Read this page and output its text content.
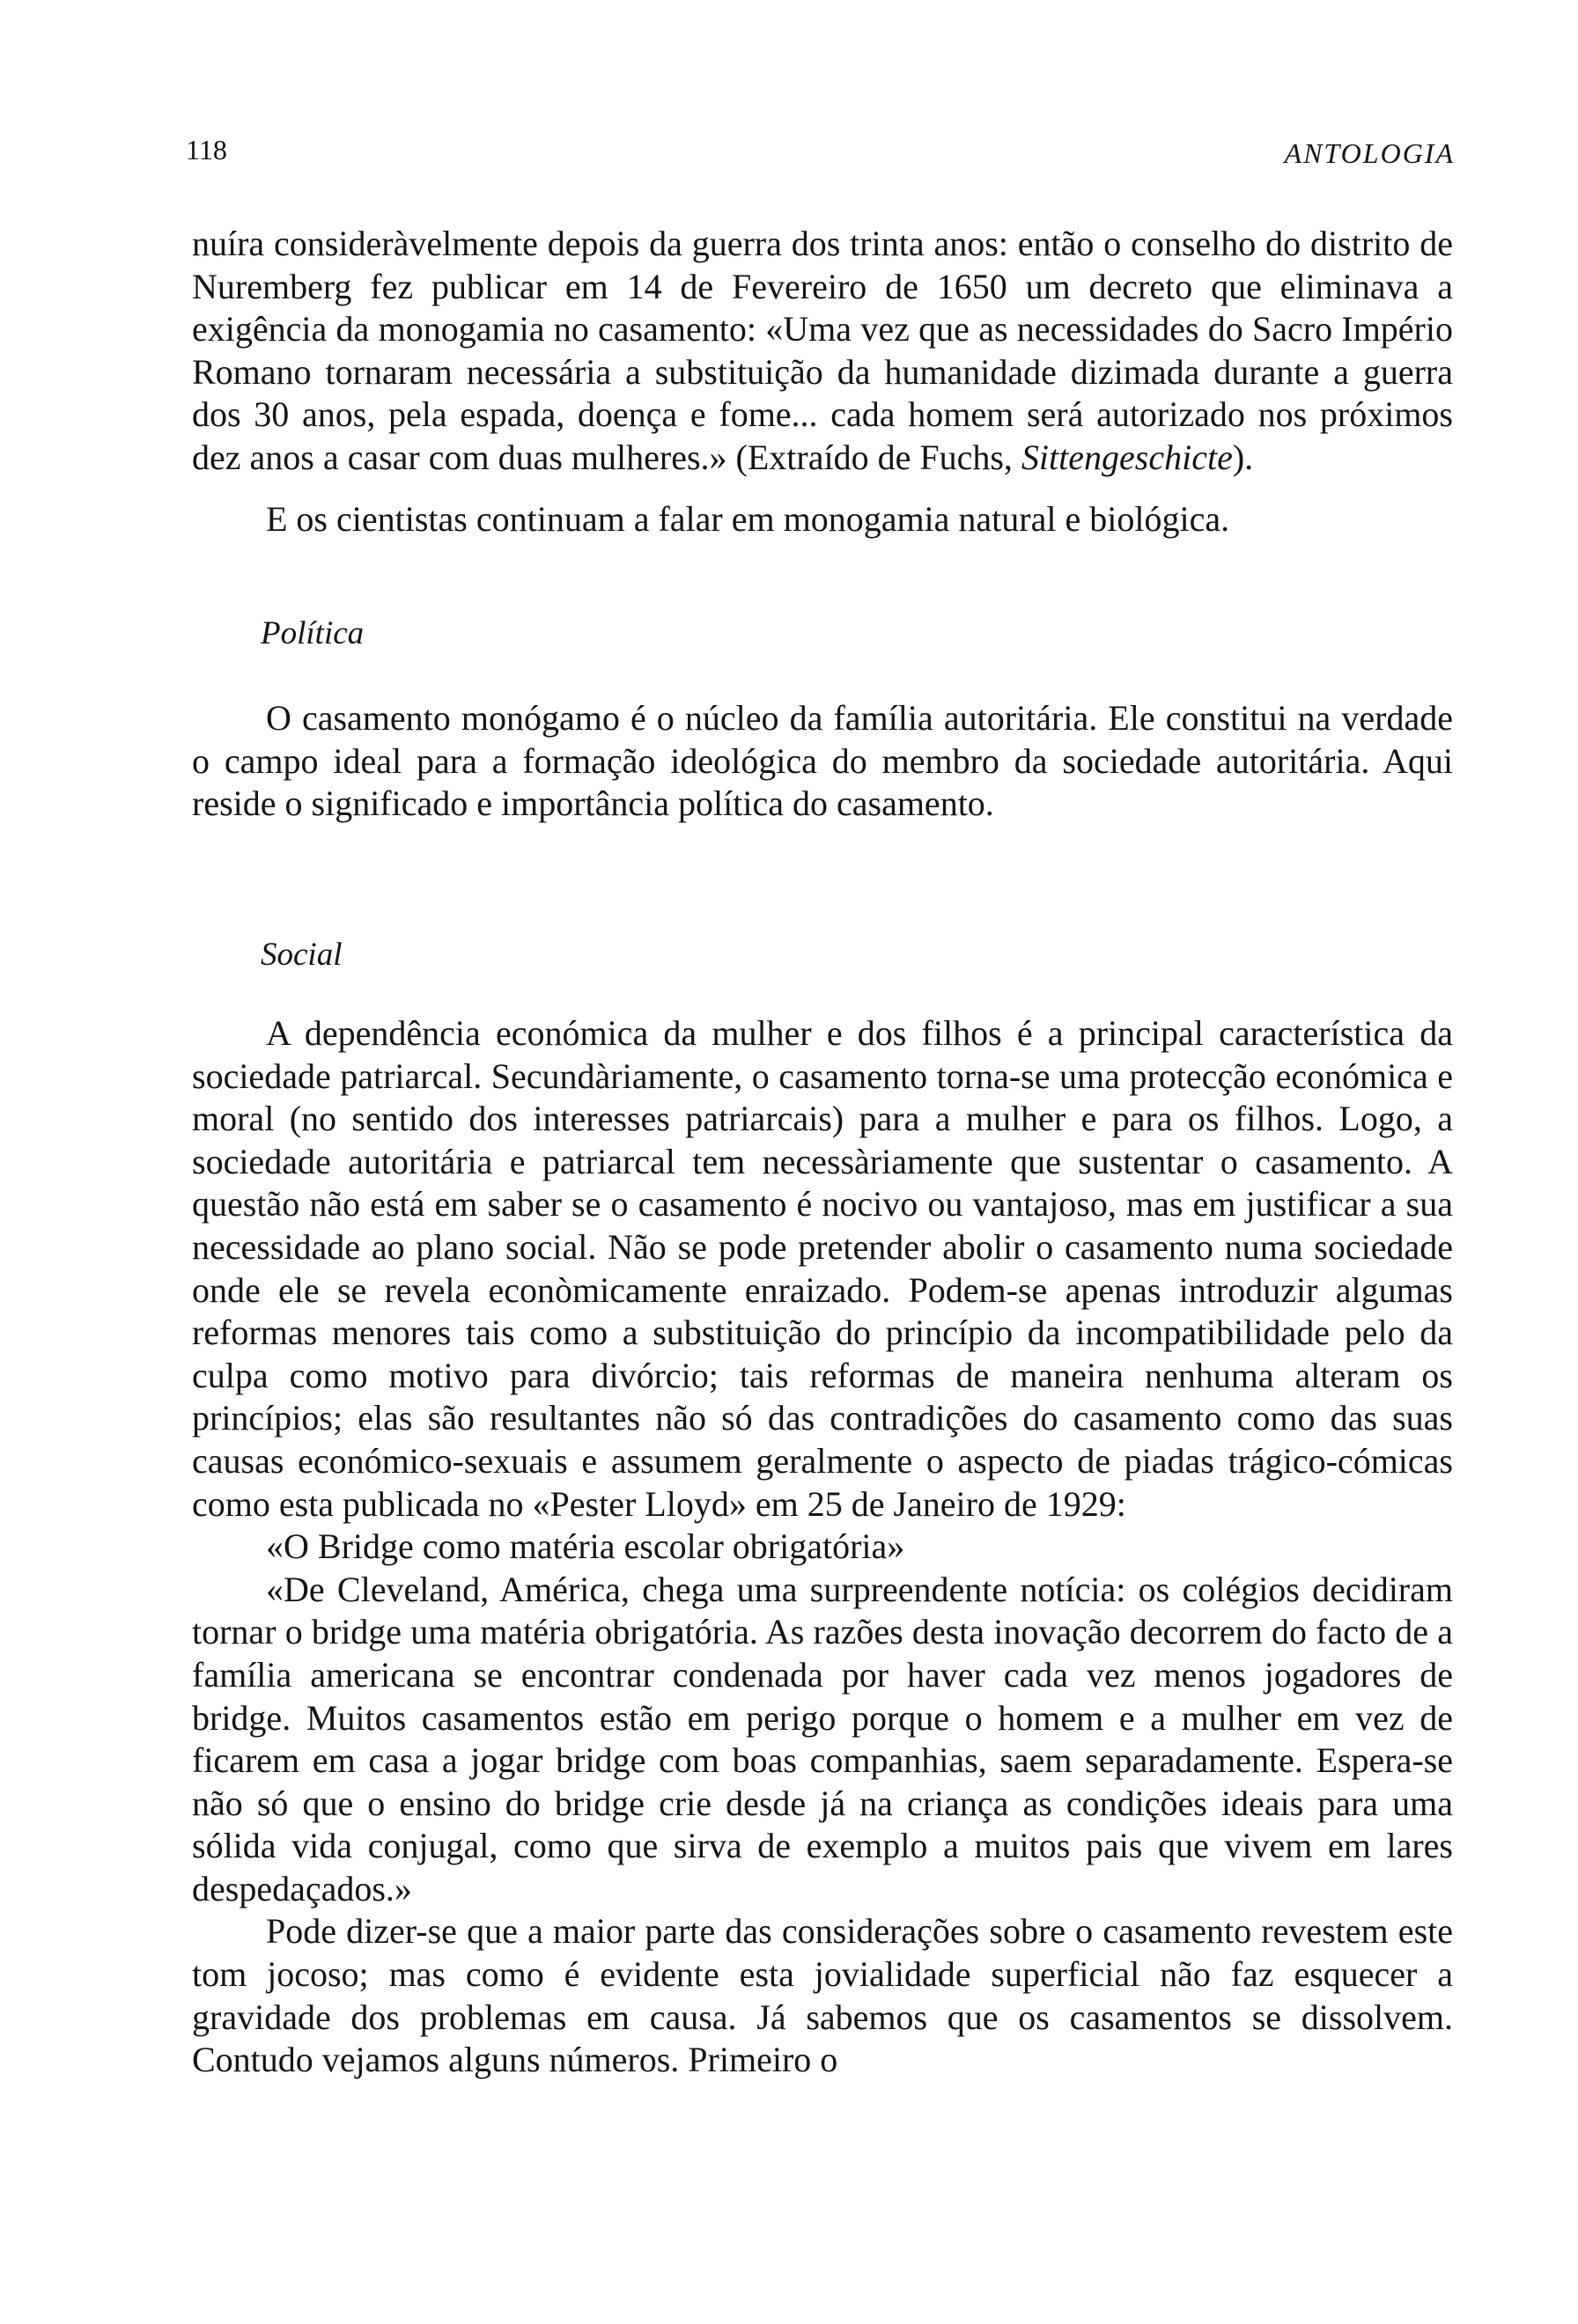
118	ANTOLOGIA

nuíra consideràvelmente depois da guerra dos trinta anos: então o conselho do distrito de Nuremberg fez publicar em 14 de Fevereiro de 1650 um decreto que eliminava a exigência da monogamia no casamento: «Uma vez que as necessidades do Sacro Império Romano tornaram necessária a substituição da humanidade dizimada durante a guerra dos 30 anos, pela espada, doença e fome... cada homem será autorizado nos próximos dez anos a casar com duas mulheres.» (Extraído de Fuchs, Sittengeschicte).

E os cientistas continuam a falar em monogamia natural e biológica.

Política

O casamento monógamo é o núcleo da família autoritária. Ele constitui na verdade o campo ideal para a formação ideológica do membro da sociedade autoritária. Aqui reside o significado e importância política do casamento.

Social

A dependência económica da mulher e dos filhos é a principal característica da sociedade patriarcal. Secundàriamente, o casamento torna-se uma protecção económica e moral (no sentido dos interesses patriarcais) para a mulher e para os filhos. Logo, a sociedade autoritária e patriarcal tem necessàriamente que sustentar o casamento. A questão não está em saber se o casamento é nocivo ou vantajoso, mas em justificar a sua necessidade ao plano social. Não se pode pretender abolir o casamento numa sociedade onde ele se revela econòmicamente enraizado. Podem-se apenas introduzir algumas reformas menores tais como a substituição do princípio da incompatibilidade pelo da culpa como motivo para divórcio; tais reformas de maneira nenhuma alteram os princípios; elas são resultantes não só das contradições do casamento como das suas causas económico-sexuais e assumem geralmente o aspecto de piadas trágico-cómicas como esta publicada no «Pester Lloyd» em 25 de Janeiro de 1929:

«O Bridge como matéria escolar obrigatória»

«De Cleveland, América, chega uma surpreendente notícia: os colégios decidiram tornar o bridge uma matéria obrigatória. As razões desta inovação decorrem do facto de a família americana se encontrar condenada por haver cada vez menos jogadores de bridge. Muitos casamentos estão em perigo porque o homem e a mulher em vez de ficarem em casa a jogar bridge com boas companhias, saem separadamente. Espera-se não só que o ensino do bridge crie desde já na criança as condições ideais para uma sólida vida conjugal, como que sirva de exemplo a muitos pais que vivem em lares despedaçados.»

Pode dizer-se que a maior parte das considerações sobre o casamento revestem este tom jocoso; mas como é evidente esta jovialidade superficial não faz esquecer a gravidade dos problemas em causa. Já sabemos que os casamentos se dissolvem. Contudo vejamos alguns números. Primeiro o
